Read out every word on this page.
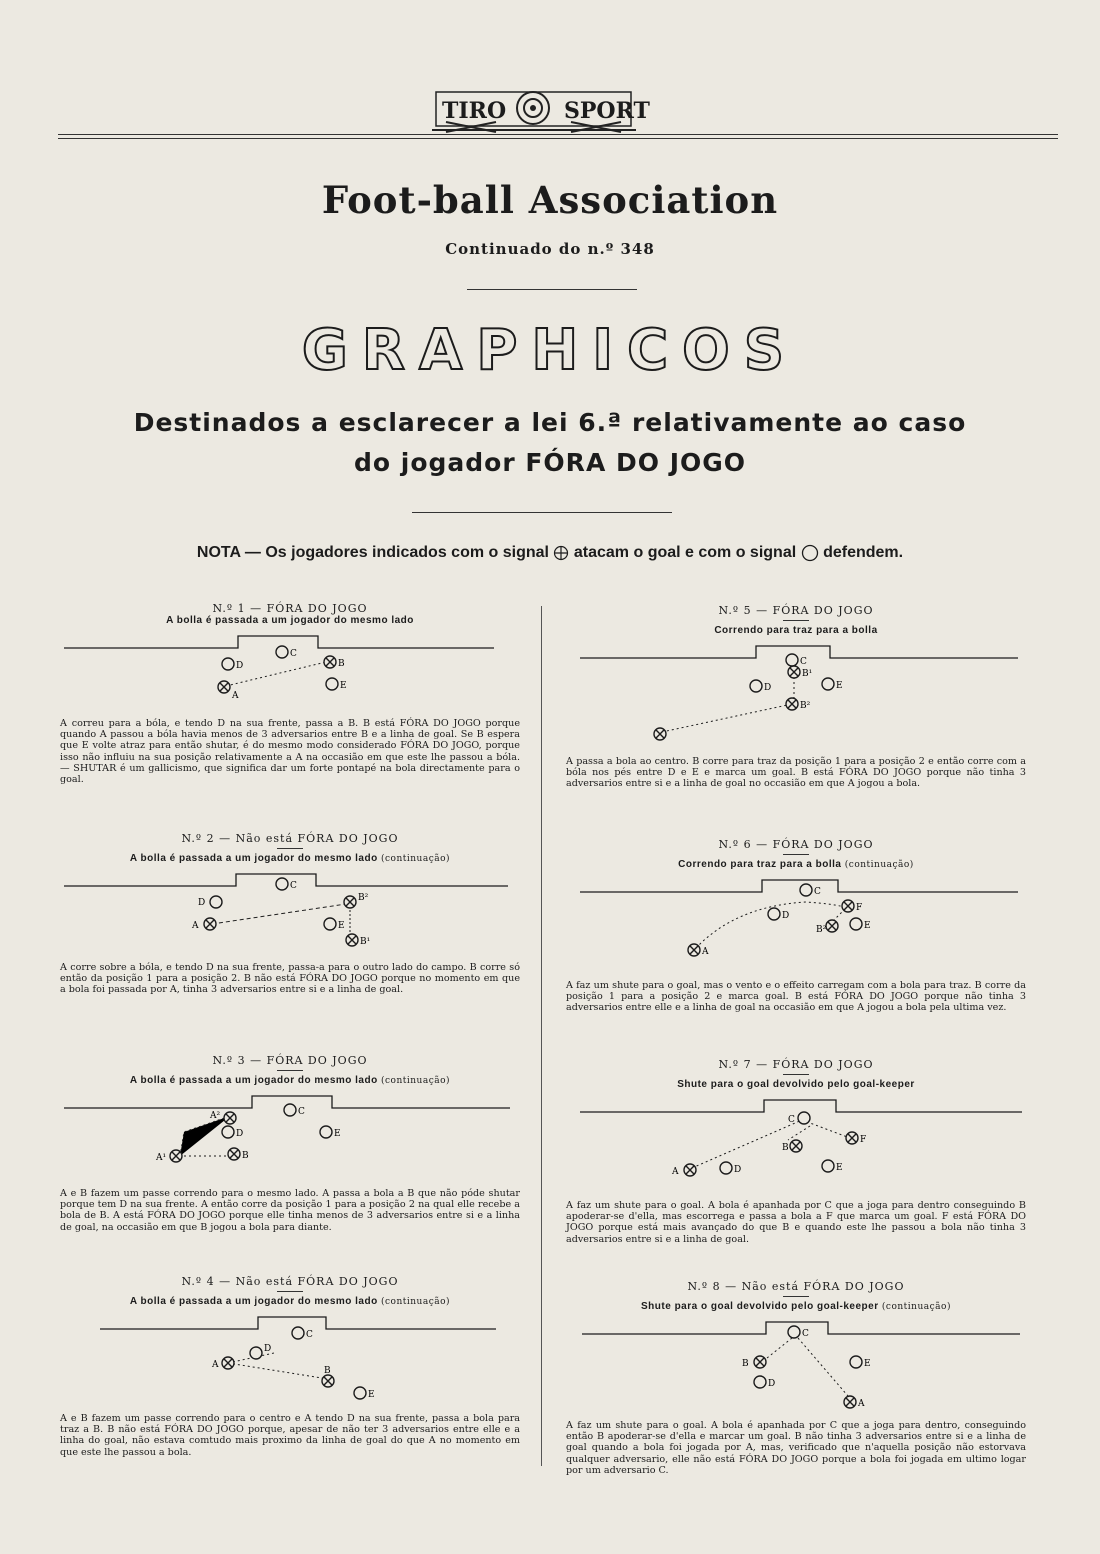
TIRO	SPORT
Foot-ball Association
Continuado do n.º 348
GRAPHICOS
Destinados a esclarecer a lei 6.ª relativamente ao caso
do jogador FÓRA DO JOGO
NOTA — Os jogadores indicados com o signal atacam o goal e com o signal defendem.
N.º 1 — FÓRA DO JOGO
A bolla é passada a um jogador do mesmo lado
C
D	B
A
E
A correu para a bóla, e tendo D na sua frente, passa a B. B está FÓRA DO JOGO porque quando A passou a bóla havia menos de 3 adversarios entre B e a linha de goal. Se B espera que E volte atraz para então shutar, é do mesmo modo considerado FÓRA DO JOGO, porque isso não influiu na sua posição relativamente a A na occasião em que este lhe passou a bóla. — SHUTAR é um gallicismo, que significa dar um forte pontapé na bola directamente para o goal.
N.º 2 — Não está FÓRA DO JOGO
A bolla é passada a um jogador do mesmo lado (continuação)
C
D	B²
A	E
B¹
A corre sobre a bóla, e tendo D na sua frente, passa-a para o outro lado do campo. B corre só então da posição 1 para a posição 2. B não está FÓRA DO JOGO porque no momento em que a bola foi passada por A, tinha 3 adversarios entre si e a linha de goal.
N.º 3 — FÓRA DO JOGO
A bolla é passada a um jogador do mesmo lado (continuação)
C
A²
D	E
A¹	B
A e B fazem um passe correndo para o mesmo lado. A passa a bola a B que não póde shutar porque tem D na sua frente. A então corre da posição 1 para a posição 2 na qual elle recebe a bola de B. A está FÓRA DO JOGO porque elle tinha menos de 3 adversarios entre si e a linha de goal, na occasião em que B jogou a bola para diante.
N.º 4 — Não está FÓRA DO JOGO
A bolla é passada a um jogador do mesmo lado (continuação)
C
D
A
B
E
A e B fazem um passe correndo para o centro e A tendo D na sua frente, passa a bola para traz a B. B não está FÓRA DO JOGO porque, apesar de não ter 3 adversarios entre elle e a linha do goal, não estava comtudo mais proximo da linha de goal do que A no momento em que este lhe passou a bola.
N.º 5 — FÓRA DO JOGO
Correndo para traz para a bolla
C
B¹
D	E
B²
A passa a bola ao centro. B corre para traz da posição 1 para a posição 2 e então corre com a bóla nos pés entre D e E e marca um goal. B está FÓRA DO JOGO porque não tinha 3 adversarios entre si e a linha de goal no occasião em que A jogou a bola.
N.º 6 — FÓRA DO JOGO
Correndo para traz para a bolla (continuação)
C
F
D
B²	E
A
A faz um shute para o goal, mas o vento e o effeito carregam com a bola para traz. B corre da posição 1 para a posição 2 e marca goal. B está FÓRA DO JOGO porque não tinha 3 adversarios entre elle e a linha de goal na occasião em que A jogou a bola pela ultima vez.
N.º 7 — FÓRA DO JOGO
Shute para o goal devolvido pelo goal-keeper
C
D
B
F
A	E
A faz um shute para o goal. A bola é apanhada por C que a joga para dentro conseguindo B apoderar-se d'ella, mas escorrega e passa a bola a F que marca um goal. F está FÓRA DO JOGO porque está mais avançado do que B e quando este lhe passou a bola não tinha 3 adversarios entre si e a linha de goal.
N.º 8 — Não está FÓRA DO JOGO
Shute para o goal devolvido pelo goal-keeper (continuação)
C
B	E
D
A
A faz um shute para o goal. A bola é apanhada por C que a joga para dentro, conseguindo então B apoderar-se d'ella e marcar um goal. B não tinha 3 adversarios entre si e a linha de goal quando a bola foi jogada por A, mas, verificado que n'aquella posição não estorvava qualquer adversario, elle não está FÓRA DO JOGO porque a bola foi jogada em ultimo logar por um adversario C.
